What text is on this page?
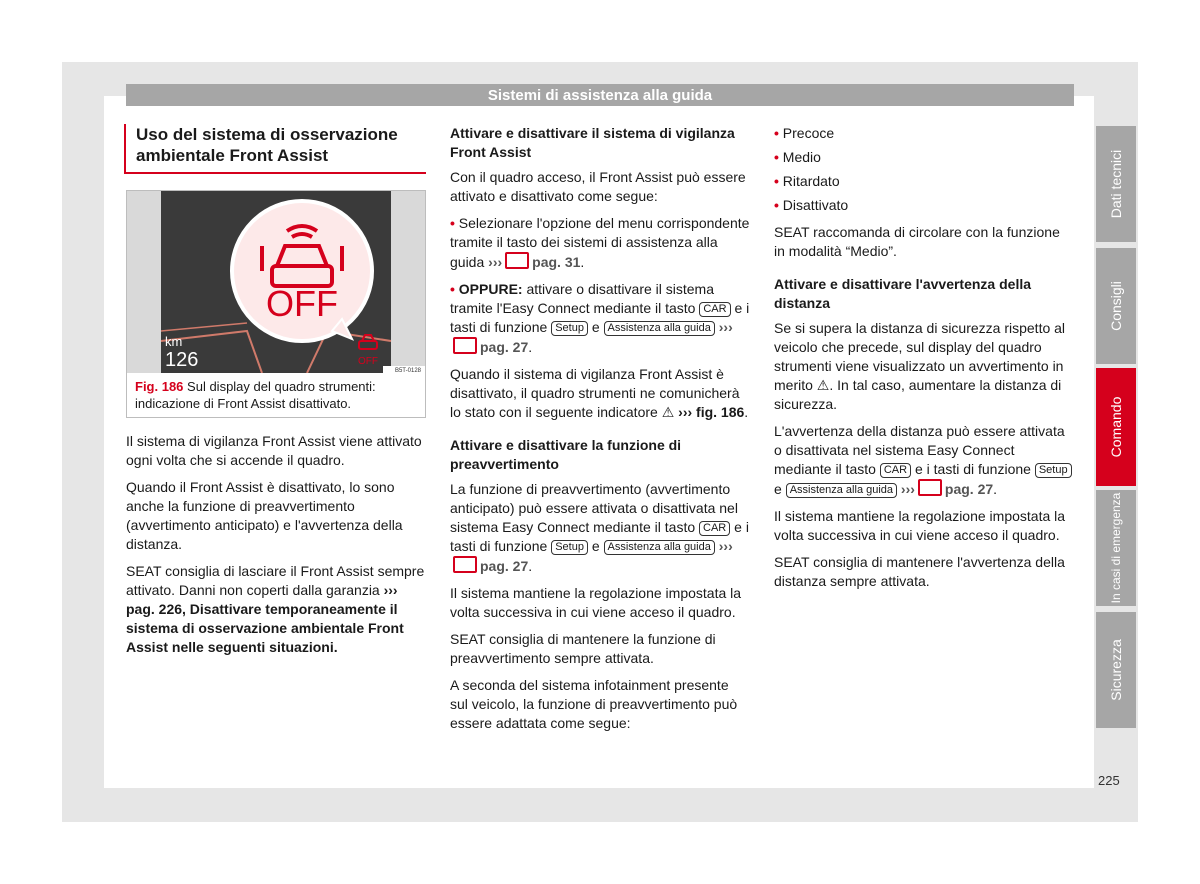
Sistemi di assistenza alla guida
Uso del sistema di osservazione ambientale Front Assist
OFF
km
126	OFF
B5T-0128
Fig. 186 Sul display del quadro strumenti: indicazione di Front Assist disattivato.

Il sistema di vigilanza Front Assist viene attivato ogni volta che si accende il quadro.

Quando il Front Assist è disattivato, lo sono anche la funzione di preavvertimento (avvertimento anticipato) e l'avvertenza della distanza.

SEAT consiglia di lasciare il Front Assist sempre attivato. Danni non coperti dalla garanzia ››› pag. 226, Disattivare temporaneamente il sistema di osservazione ambientale Front Assist nelle seguenti situazioni.

Attivare e disattivare il sistema di vigilanza Front Assist

Con il quadro acceso, il Front Assist può essere attivato e disattivato come segue:

• Selezionare l'opzione del menu corrispondente tramite il tasto dei sistemi di assistenza alla guida ››› pag. 31.

• OPPURE: attivare o disattivare il sistema tramite l'Easy Connect mediante il tasto CAR e i tasti di funzione Setup e Assistenza alla guida ›››pag. 27.

Quando il sistema di vigilanza Front Assist è disattivato, il quadro strumenti ne comunicherà lo stato con il seguente indicatore ⚠ ››› fig. 186.

Attivare e disattivare la funzione di preavvertimento

La funzione di preavvertimento (avvertimento anticipato) può essere attivata o disattivata nel sistema Easy Connect mediante il tasto CAR e i tasti di funzione Setup e Assistenza alla guida ›››pag. 27.

Il sistema mantiene la regolazione impostata la volta successiva in cui viene acceso il quadro.

SEAT consiglia di mantenere la funzione di preavvertimento sempre attivata.

A seconda del sistema infotainment presente sul veicolo, la funzione di preavvertimento può essere adattata come segue:

• Precoce
• Medio
• Ritardato
• Disattivato

SEAT raccomanda di circolare con la funzione in modalità “Medio”.

Attivare e disattivare l'avvertenza della distanza

Se si supera la distanza di sicurezza rispetto al veicolo che precede, sul display del quadro strumenti viene visualizzato un avvertimento in merito ⚠. In tal caso, aumentare la distanza di sicurezza.

L'avvertenza della distanza può essere attivata o disattivata nel sistema Easy Connect mediante il tasto CAR e i tasti di funzione Setup e Assistenza alla guida ››› pag. 27.

Il sistema mantiene la regolazione impostata la volta successiva in cui viene acceso il quadro.

SEAT consiglia di mantenere l'avvertenza della distanza sempre attivata.

Dati tecnici
Consigli
Comando
In casi di emergenza
Sicurezza
225
